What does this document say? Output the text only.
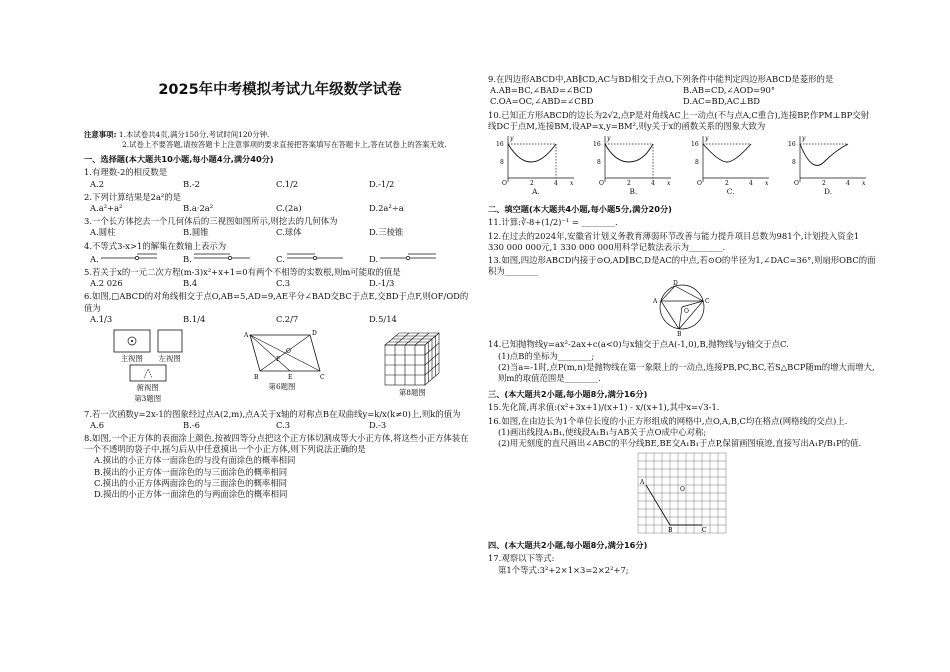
2025年中考模拟考试九年级数学试卷
注意事项: 1.本试卷共4页,满分150分,考试时间120分钟.
2.试卷上不要答题,请按答题卡上注意事项的要求直接把答案填写在答题卡上,答在试卷上的答案无效.
一、选择题(本大题共10小题,每小题4分,满分40分)
1.有理数-2的相反数是
A.2	B.-2	C.1/2	D.-1/2
2.下列计算结果是2a²的是
A.a²+a²	B.a·2a²	C.(2a)	D.2a²÷a
3.一个长方体挖去一个几何体后的三视图如图所示,则挖去的几何体为
A.圆柱	B.圆锥	C.球体	D.三棱锥
4.不等式3-x>1的解集在数轴上表示为
A.	B.	C.	D.
5.若关于x的一元二次方程(m-3)x²+x+1=0有两个不相等的实数根,则m可能取的值是
A.2 026	B.4	C.3	D.-1/3
6.如图,□ABCD的对角线相交于点O,AB=5,AD=9,AE平分∠BAD交BC于点E,交BD于点F,则OF/OD的值为
A.1/3	B.1/4	C.2/7	D.5/14
主视图	左视图
俯视图
第3题图
A	D
B	C
E
F
O
第6题图
第8题图
7.若一次函数y=2x-1的图象经过点A(2,m),点A关于x轴的对称点B在双曲线y=k/x(k≠0)上,则k的值为
A.6	B.-6	C.3	D.-3
8.如图,一个正方体的表面涂上颜色,按被四等分点把这个正方体切割成等大小正方体,将这些小正方体装在一个不透明的袋子中,摇匀后从中任意摸出一个小正方体,则下列说法正确的是
A.摸出的小正方体一面涂色的与没有面涂色的概率相同
B.摸出的小正方体一面涂色的与三面涂色的概率相同
C.摸出的小正方体两面涂色的与三面涂色的概率相同
D.摸出的小正方体一面涂色的与两面涂色的概率相同
9.在四边形ABCD中,AB∥CD,AC与BD相交于点O,下列条件中能判定四边形ABCD是菱形的是
A.AB=BC,∠BAD=∠BCD	B.AB=CD,∠AOD=90°
C.OA=OC,∠ABD=∠CBD	D.AC=BD,AC⊥BD
10.已知正方形ABCD的边长为2√2,点P是对角线AC上一动点(不与点A,C重合),连接BP,作PM⊥BP交射线DC于点M,连接BM,设AP=x,y=BM²,则y关于x的函数关系的图象大致为
16
8
2	4
O	x
y
A.
16
8
2	4
O	x
y
B.
16
8
2	4
O	x
y
C.
16
8
2	4
O	x
y
D.
二、填空题(本大题共4小题,每小题5分,满分20分)
11.计算:∛-8+(1/2)⁻¹ = ________.
12.在过去的2024年,安徽省计划义务教育薄弱环节改善与能力提升项目总数为981个,计划投入资金1 330 000 000元,1 330 000 000用科学记数法表示为________.
13.如图,四边形ABCD内接于⊙O,AD∥BC,D是AC的中点,若⊙O的半径为1,∠DAC=36°,则扇形OBC的面积为________
A
D
C
B
O
14.已知抛物线y=ax²-2ax+c(a<0)与x轴交于点A(-1,0),B,抛物线与y轴交于点C.
(1)点B的坐标为________;
(2)当a=-1时,点P(m,n)是抛物线在第一象限上的一动点,连接PB,PC,BC,若S△BCP随m的增大而增大,则m的取值范围是________.
三、(本大题共2小题,每小题8分,满分16分)
15.先化简,再求值:(x²+3x+1)/(x+1) - x/(x+1),其中x=√3-1.
16.如图,在由边长为1个单位长度的小正方形组成的网格中,点O,A,B,C均在格点(网格线的交点)上.
(1)画出线段A₁B₁,使线段A₁B₁与AB关于点O成中心对称;
(2)用无刻度的直尺画出∠ABC的平分线BE,BE交A₁B₁于点P,保留画图痕迹,直接写出A₁P/B₁P的值.
A
O
B	C
四、(本大题共2小题,每小题8分,满分16分)
17.观察以下等式:
第1个等式:3²+2×1×3=2×2²+7;
